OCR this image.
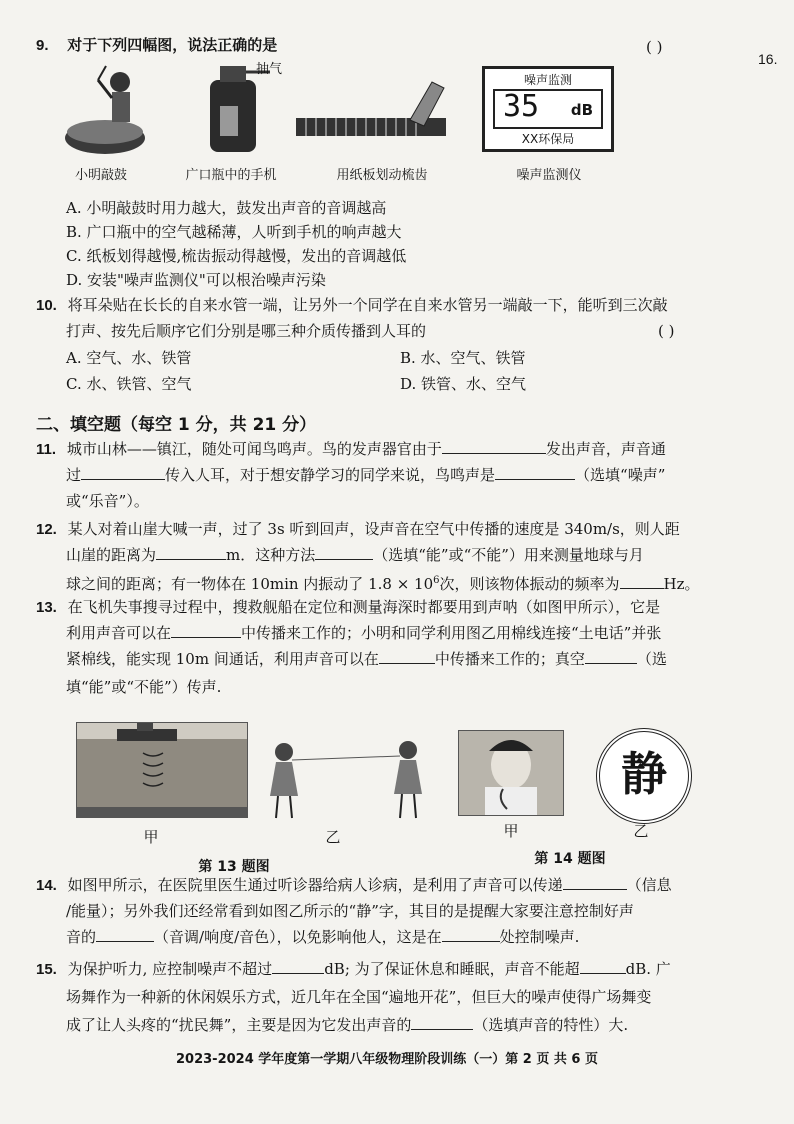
16.
9. 对于下列四幅图，说法正确的是	( )
抽气
噪声监测
35 dB
XX环保局
小明敲鼓	广口瓶中的手机	用纸板划动梳齿	噪声监测仪
A. 小明敲鼓时用力越大，鼓发出声音的音调越高
B. 广口瓶中的空气越稀薄，人听到手机的响声越大
C. 纸板划得越慢,梳齿振动得越慢，发出的音调越低
D. 安装"噪声监测仪"可以根治噪声污染
10. 将耳朵贴在长长的自来水管一端，让另外一个同学在自来水管另一端敲一下，能听到三次敲
打声、按先后顺序它们分别是哪三种介质传播到人耳的	( )
A. 空气、水、铁管	B. 水、空气、铁管
C. 水、铁管、空气	D. 铁管、水、空气
二、填空题（每空 1 分，共 21 分）
11. 城市山林——镇江，随处可闻鸟鸣声。鸟的发声器官由于	发出声音，声音通
过	传入人耳，对于想安静学习的同学来说，鸟鸣声是	（选填“噪声”
或“乐音”）。
12. 某人对着山崖大喊一声，过了 3s 听到回声，设声音在空气中传播的速度是 340m/s，则人距
山崖的距离为	m．这种方法	（选填“能”或“不能”）用来测量地球与月
球之间的距离；有一物体在 10min 内振动了 $1.8 \times 10^6$次，则该物体振动的频率为	Hz。
13. 在飞机失事搜寻过程中，搜救舰船在定位和测量海深时都要用到声呐（如图甲所示），它是
利用声音可以在	中传播来工作的；小明和同学利用图乙用棉线连接“土电话”并张
紧棉线，能实现 10m 间通话，利用声音可以在	中传播来工作的；真空	（选
填“能”或“不能”）传声.
静
甲	乙	甲	乙
第 13 题图	第 14 题图
14. 如图甲所示，在医院里医生通过听诊器给病人诊病，是利用了声音可以传递	（信息
/能量）；另外我们还经常看到如图乙所示的“静”字，其目的是提醒大家要注意控制好声
音的	（音调/响度/音色），以免影响他人，这是在	处控制噪声.
15. 为保护听力, 应控制噪声不超过	dB; 为了保证休息和睡眠，声音不能超	dB. 广
场舞作为一种新的休闲娱乐方式，近几年在全国“遍地开花”，但巨大的噪声使得广场舞变
成了让人头疼的“扰民舞”，主要是因为它发出声音的	（选填声音的特性）大.
2023-2024 学年度第一学期八年级物理阶段训练（一）第 2 页 共 6 页
